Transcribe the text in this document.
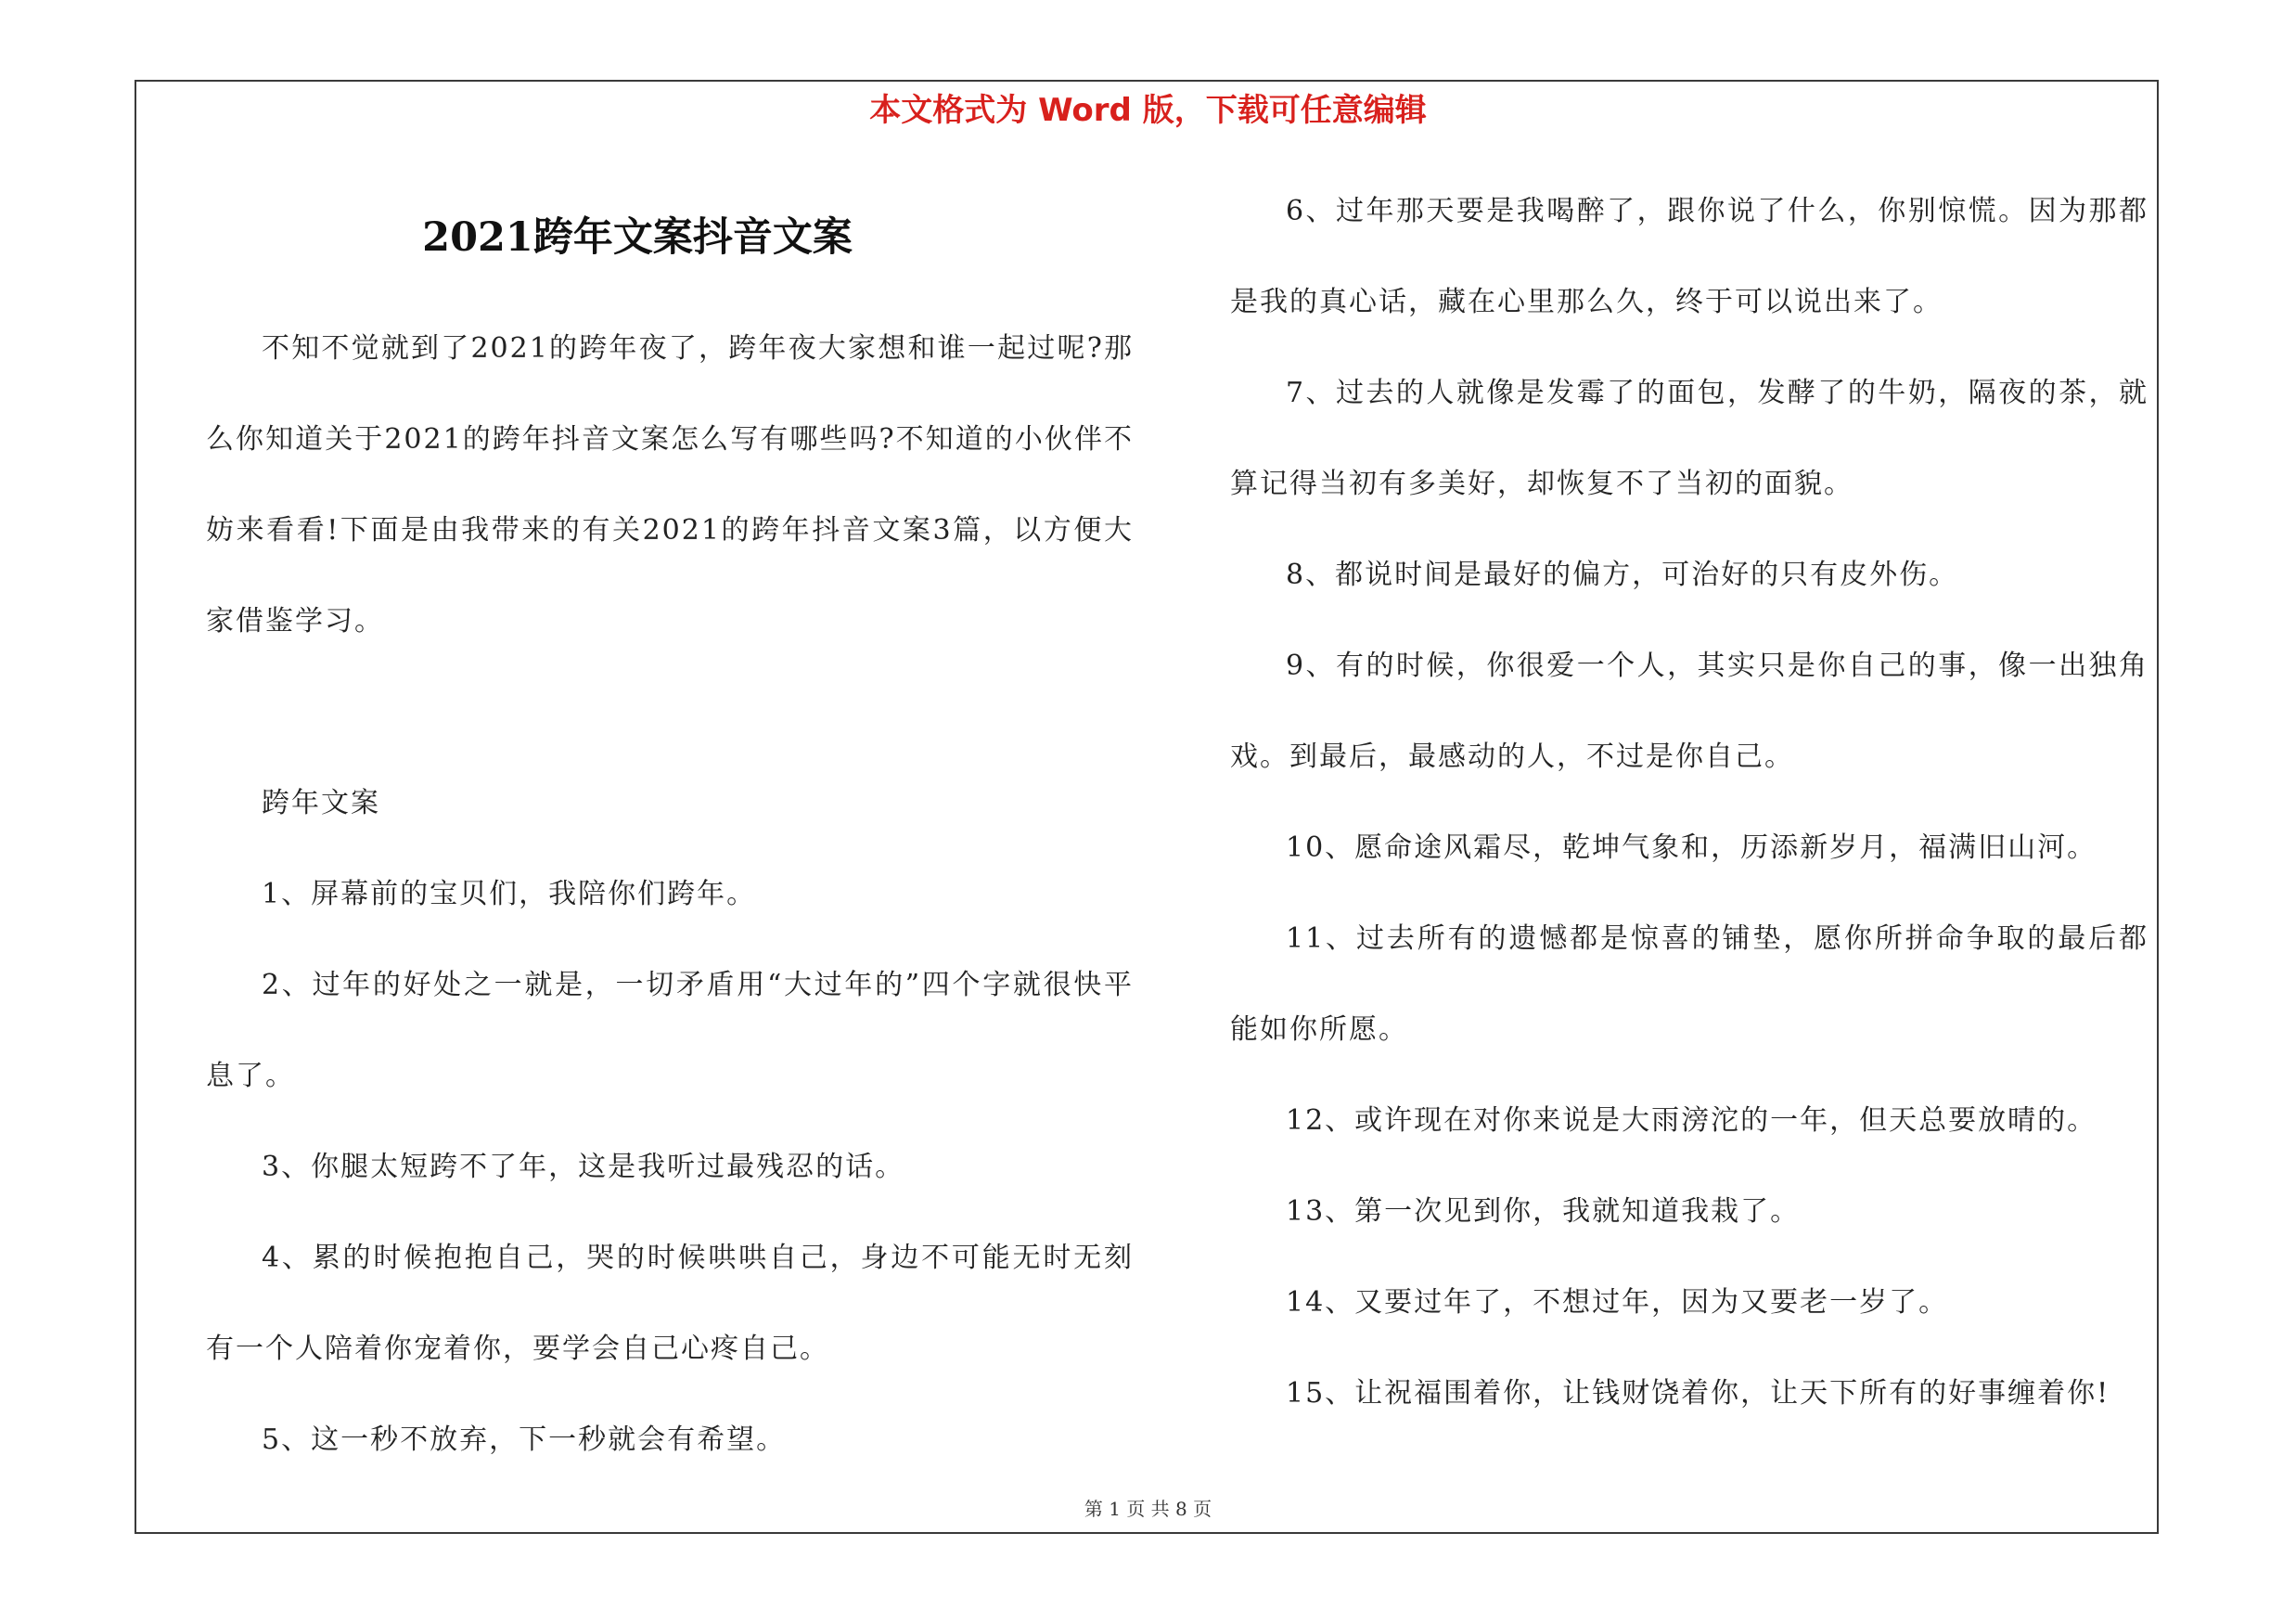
本文格式为 Word 版，下载可任意编辑
2021跨年文案抖音文案

不知不觉就到了2021的跨年夜了，跨年夜大家想和谁一起过呢?那么你知道关于2021的跨年抖音文案怎么写有哪些吗?不知道的小伙伴不妨来看看!下面是由我带来的有关2021的跨年抖音文案3篇，以方便大家借鉴学习。

跨年文案

1、屏幕前的宝贝们，我陪你们跨年。

2、过年的好处之一就是，一切矛盾用“大过年的”四个字就很快平息了。

3、你腿太短跨不了年，这是我听过最残忍的话。

4、累的时候抱抱自己，哭的时候哄哄自己，身边不可能无时无刻有一个人陪着你宠着你，要学会自己心疼自己。

5、这一秒不放弃，下一秒就会有希望。

6、过年那天要是我喝醉了，跟你说了什么，你别惊慌。因为那都是我的真心话，藏在心里那么久，终于可以说出来了。

7、过去的人就像是发霉了的面包，发酵了的牛奶，隔夜的茶，就算记得当初有多美好，却恢复不了当初的面貌。

8、都说时间是最好的偏方，可治好的只有皮外伤。

9、有的时候，你很爱一个人，其实只是你自己的事，像一出独角戏。到最后，最感动的人，不过是你自己。

10、愿命途风霜尽，乾坤气象和，历添新岁月，福满旧山河。

11、过去所有的遗憾都是惊喜的铺垫，愿你所拼命争取的最后都能如你所愿。

12、或许现在对你来说是大雨滂沱的一年，但天总要放晴的。

13、第一次见到你，我就知道我栽了。

14、又要过年了，不想过年，因为又要老一岁了。

15、让祝福围着你，让钱财饶着你，让天下所有的好事缠着你!

第 1 页 共 8 页
